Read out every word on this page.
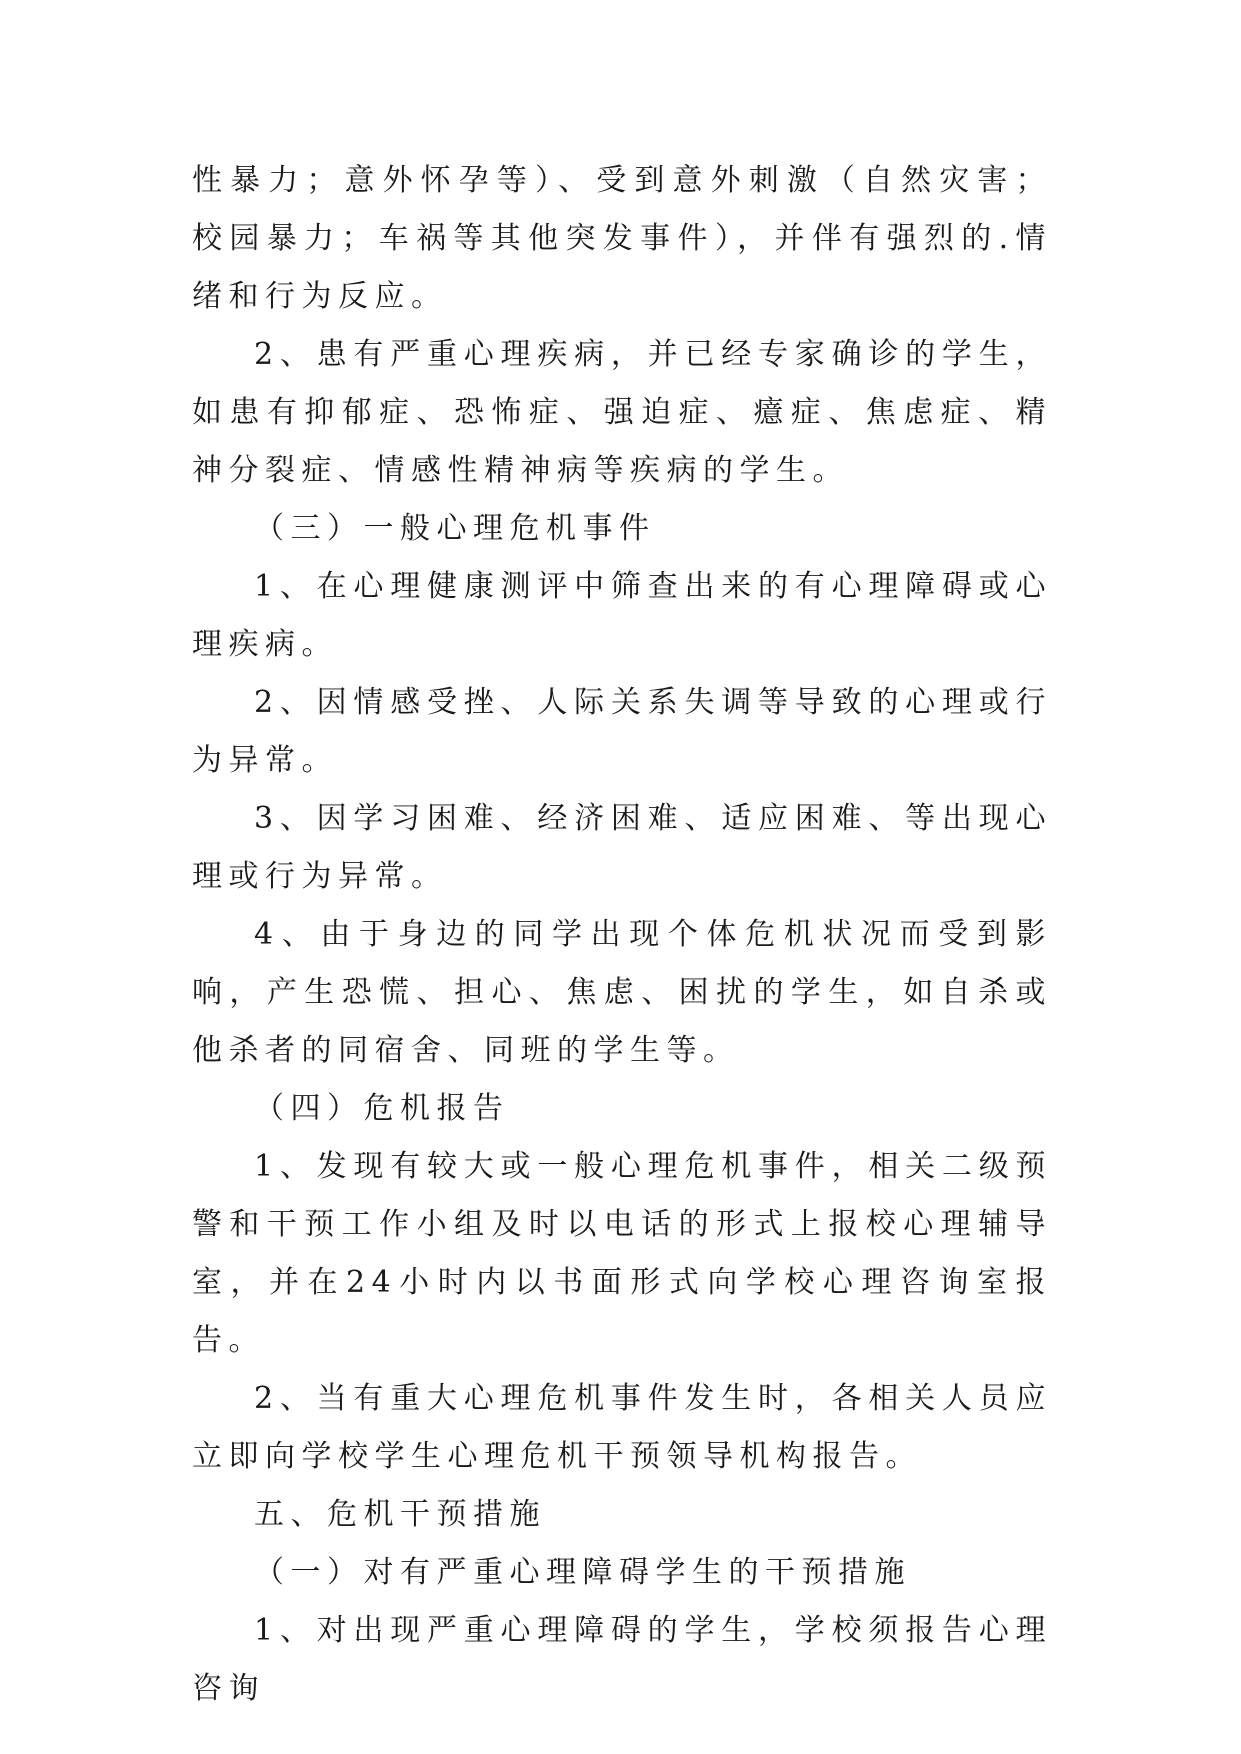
性暴力；意外怀孕等）、受到意外刺激（自然灾害；校园暴力；车祸等其他突发事件），并伴有强烈的.情绪和行为反应。

2、患有严重心理疾病，并已经专家确诊的学生，如患有抑郁症、恐怖症、强迫症、癔症、焦虑症、精神分裂症、情感性精神病等疾病的学生。

（三）一般心理危机事件

1、在心理健康测评中筛查出来的有心理障碍或心理疾病。

2、因情感受挫、人际关系失调等导致的心理或行为异常。

3、因学习困难、经济困难、适应困难、等出现心理或行为异常。

4、由于身边的同学出现个体危机状况而受到影响，产生恐慌、担心、焦虑、困扰的学生，如自杀或他杀者的同宿舍、同班的学生等。

（四）危机报告

1、发现有较大或一般心理危机事件，相关二级预警和干预工作小组及时以电话的形式上报校心理辅导室，并在24小时内以书面形式向学校心理咨询室报告。

2、当有重大心理危机事件发生时，各相关人员应立即向学校学生心理危机干预领导机构报告。

五、危机干预措施

（一）对有严重心理障碍学生的干预措施

1、对出现严重心理障碍的学生，学校须报告心理咨询
